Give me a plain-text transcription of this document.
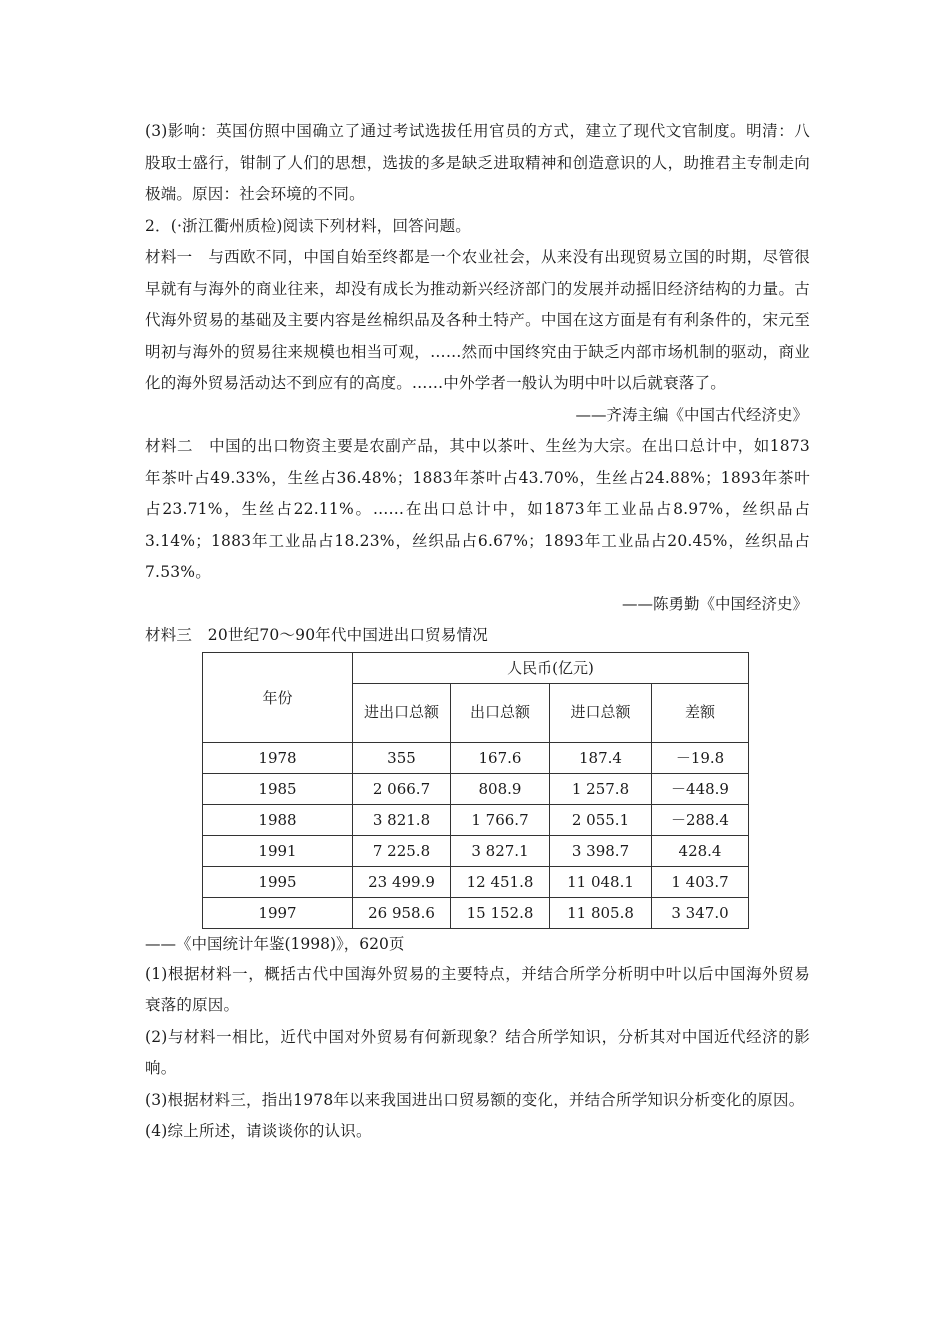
(3)影响：英国仿照中国确立了通过考试选拔任用官员的方式，建立了现代文官制度。明清：八股取士盛行，钳制了人们的思想，选拔的多是缺乏进取精神和创造意识的人，助推君主专制走向极端。原因：社会环境的不同。

2．(·浙江衢州质检)阅读下列材料，回答问题。

材料一　与西欧不同，中国自始至终都是一个农业社会，从来没有出现贸易立国的时期，尽管很早就有与海外的商业往来，却没有成长为推动新兴经济部门的发展并动摇旧经济结构的力量。古代海外贸易的基础及主要内容是丝棉织品及各种土特产。中国在这方面是有有利条件的，宋元至明初与海外的贸易往来规模也相当可观，……然而中国终究由于缺乏内部市场机制的驱动，商业化的海外贸易活动达不到应有的高度。……中外学者一般认为明中叶以后就衰落了。

——齐涛主编《中国古代经济史》

材料二　中国的出口物资主要是农副产品，其中以茶叶、生丝为大宗。在出口总计中，如1873年茶叶占49.33%，生丝占36.48%；1883年茶叶占43.70%，生丝占24.88%；1893年茶叶占23.71%，生丝占22.11%。……在出口总计中，如1873年工业品占8.97%，丝织品占3.14%；1883年工业品占18.23%，丝织品占6.67%；1893年工业品占20.45%，丝织品占7.53%。

——陈勇勤《中国经济史》

材料三　20世纪70～90年代中国进出口贸易情况

年份	人民币(亿元)			
	进出口总额	出口总额	进口总额	差额
1978	355	167.6	187.4	－19.8
1985	2 066.7	808.9	1 257.8	－448.9
1988	3 821.8	1 766.7	2 055.1	－288.4
1991	7 225.8	3 827.1	3 398.7	428.4
1995	23 499.9	12 451.8	11 048.1	1 403.7
1997	26 958.6	15 152.8	11 805.8	3 347.0

——《中国统计年鉴(1998)》，620页

(1)根据材料一，概括古代中国海外贸易的主要特点，并结合所学分析明中叶以后中国海外贸易衰落的原因。

(2)与材料一相比，近代中国对外贸易有何新现象？结合所学知识，分析其对中国近代经济的影响。

(3)根据材料三，指出1978年以来我国进出口贸易额的变化，并结合所学知识分析变化的原因。

(4)综上所述，请谈谈你的认识。
